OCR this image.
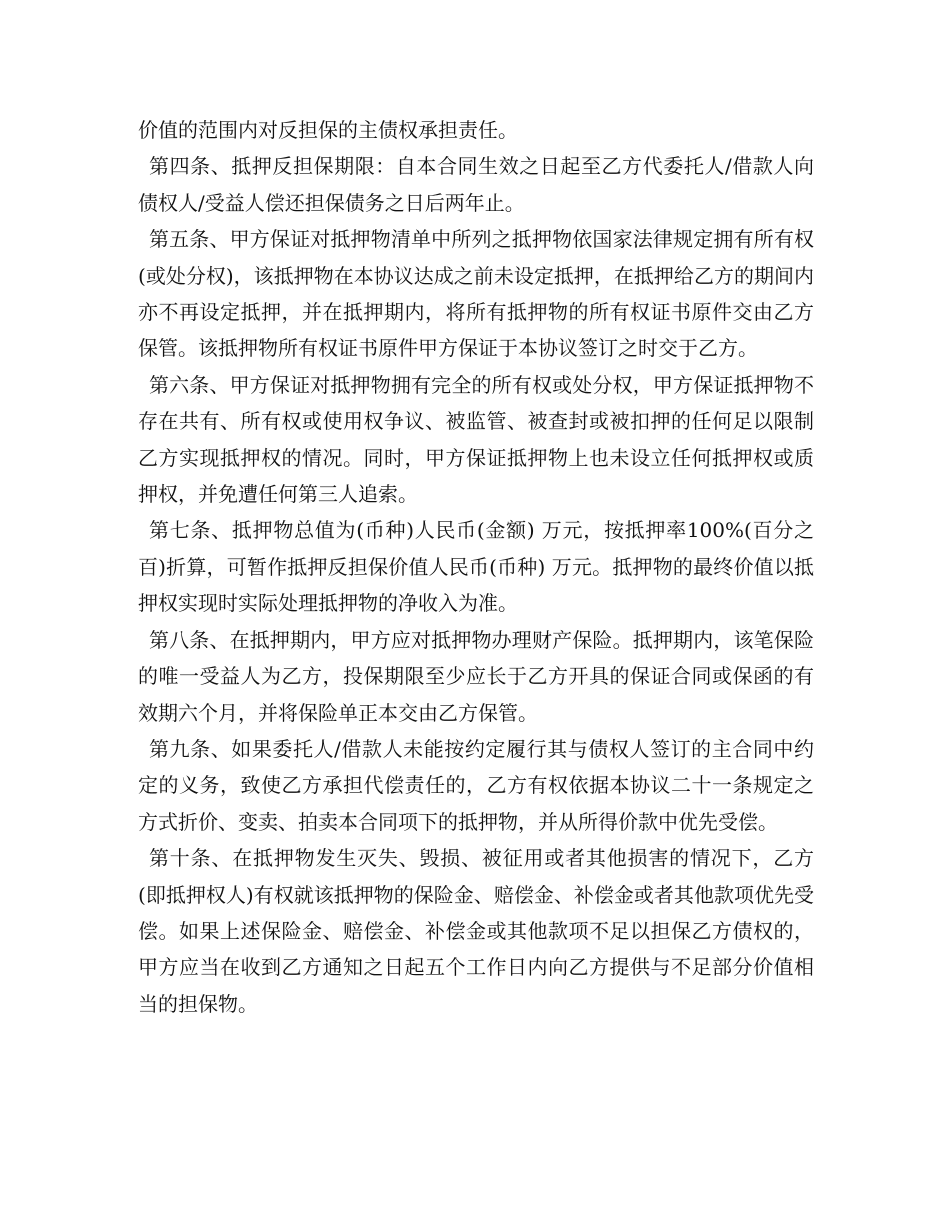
价值的范围内对反担保的主债权承担责任。

第四条、抵押反担保期限：自本合同生效之日起至乙方代委托人/借款人向债权人/受益人偿还担保债务之日后两年止。

第五条、甲方保证对抵押物清单中所列之抵押物依国家法律规定拥有所有权(或处分权)，该抵押物在本协议达成之前未设定抵押，在抵押给乙方的期间内亦不再设定抵押，并在抵押期内，将所有抵押物的所有权证书原件交由乙方保管。该抵押物所有权证书原件甲方保证于本协议签订之时交于乙方。

第六条、甲方保证对抵押物拥有完全的所有权或处分权，甲方保证抵押物不存在共有、所有权或使用权争议、被监管、被查封或被扣押的任何足以限制乙方实现抵押权的情况。同时，甲方保证抵押物上也未设立任何抵押权或质押权，并免遭任何第三人追索。

第七条、抵押物总值为(币种)人民币(金额) 万元，按抵押率100%(百分之百)折算，可暂作抵押反担保价值人民币(币种) 万元。抵押物的最终价值以抵押权实现时实际处理抵押物的净收入为准。

第八条、在抵押期内，甲方应对抵押物办理财产保险。抵押期内，该笔保险的唯一受益人为乙方，投保期限至少应长于乙方开具的保证合同或保函的有效期六个月，并将保险单正本交由乙方保管。

第九条、如果委托人/借款人未能按约定履行其与债权人签订的主合同中约定的义务，致使乙方承担代偿责任的，乙方有权依据本协议二十一条规定之方式折价、变卖、拍卖本合同项下的抵押物，并从所得价款中优先受偿。

第十条、在抵押物发生灭失、毁损、被征用或者其他损害的情况下，乙方(即抵押权人)有权就该抵押物的保险金、赔偿金、补偿金或者其他款项优先受偿。如果上述保险金、赔偿金、补偿金或其他款项不足以担保乙方债权的，甲方应当在收到乙方通知之日起五个工作日内向乙方提供与不足部分价值相当的担保物。
